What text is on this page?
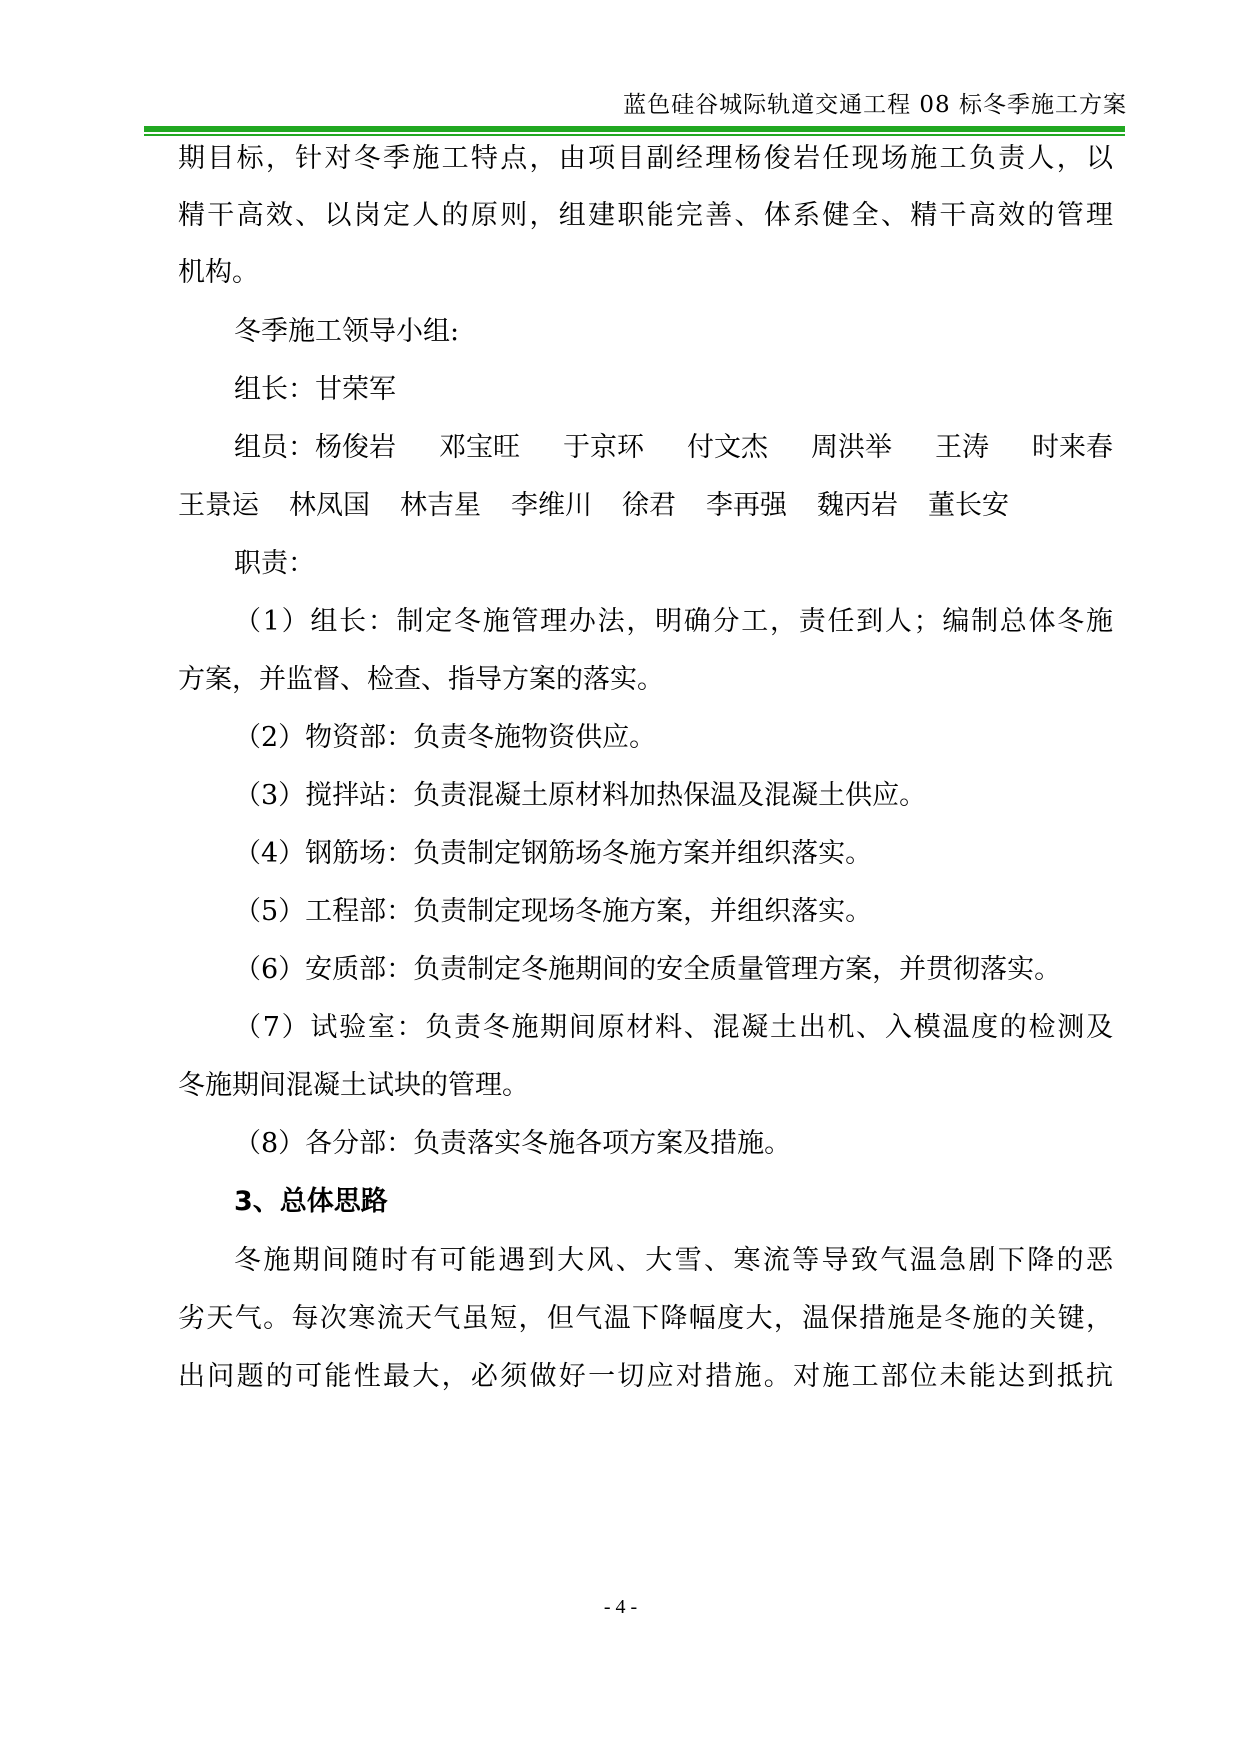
蓝色硅谷城际轨道交通工程 08 标冬季施工方案
期目标，针对冬季施工特点，由项目副经理杨俊岩任现场施工负责人，以
精干高效、以岗定人的原则，组建职能完善、体系健全、精干高效的管理
机构。
冬季施工领导小组:
组长：甘荣军
组员：杨俊岩 邓宝旺 于京环 付文杰 周洪举 王涛 时来春
王景运 林凤国 林吉星 李维川 徐君 李再强 魏丙岩 董长安
职责：
（1）组长：制定冬施管理办法，明确分工，责任到人；编制总体冬施
方案，并监督、检查、指导方案的落实。
（2）物资部：负责冬施物资供应。
（3）搅拌站：负责混凝土原材料加热保温及混凝土供应。
（4）钢筋场：负责制定钢筋场冬施方案并组织落实。
（5）工程部：负责制定现场冬施方案，并组织落实。
（6）安质部：负责制定冬施期间的安全质量管理方案，并贯彻落实。
（7）试验室：负责冬施期间原材料、混凝土出机、入模温度的检测及
冬施期间混凝土试块的管理。
（8）各分部：负责落实冬施各项方案及措施。
3、总体思路
冬施期间随时有可能遇到大风、大雪、寒流等导致气温急剧下降的恶
劣天气。每次寒流天气虽短，但气温下降幅度大，温保措施是冬施的关键，
出问题的可能性最大，必须做好一切应对措施。对施工部位未能达到抵抗
- 4 -
